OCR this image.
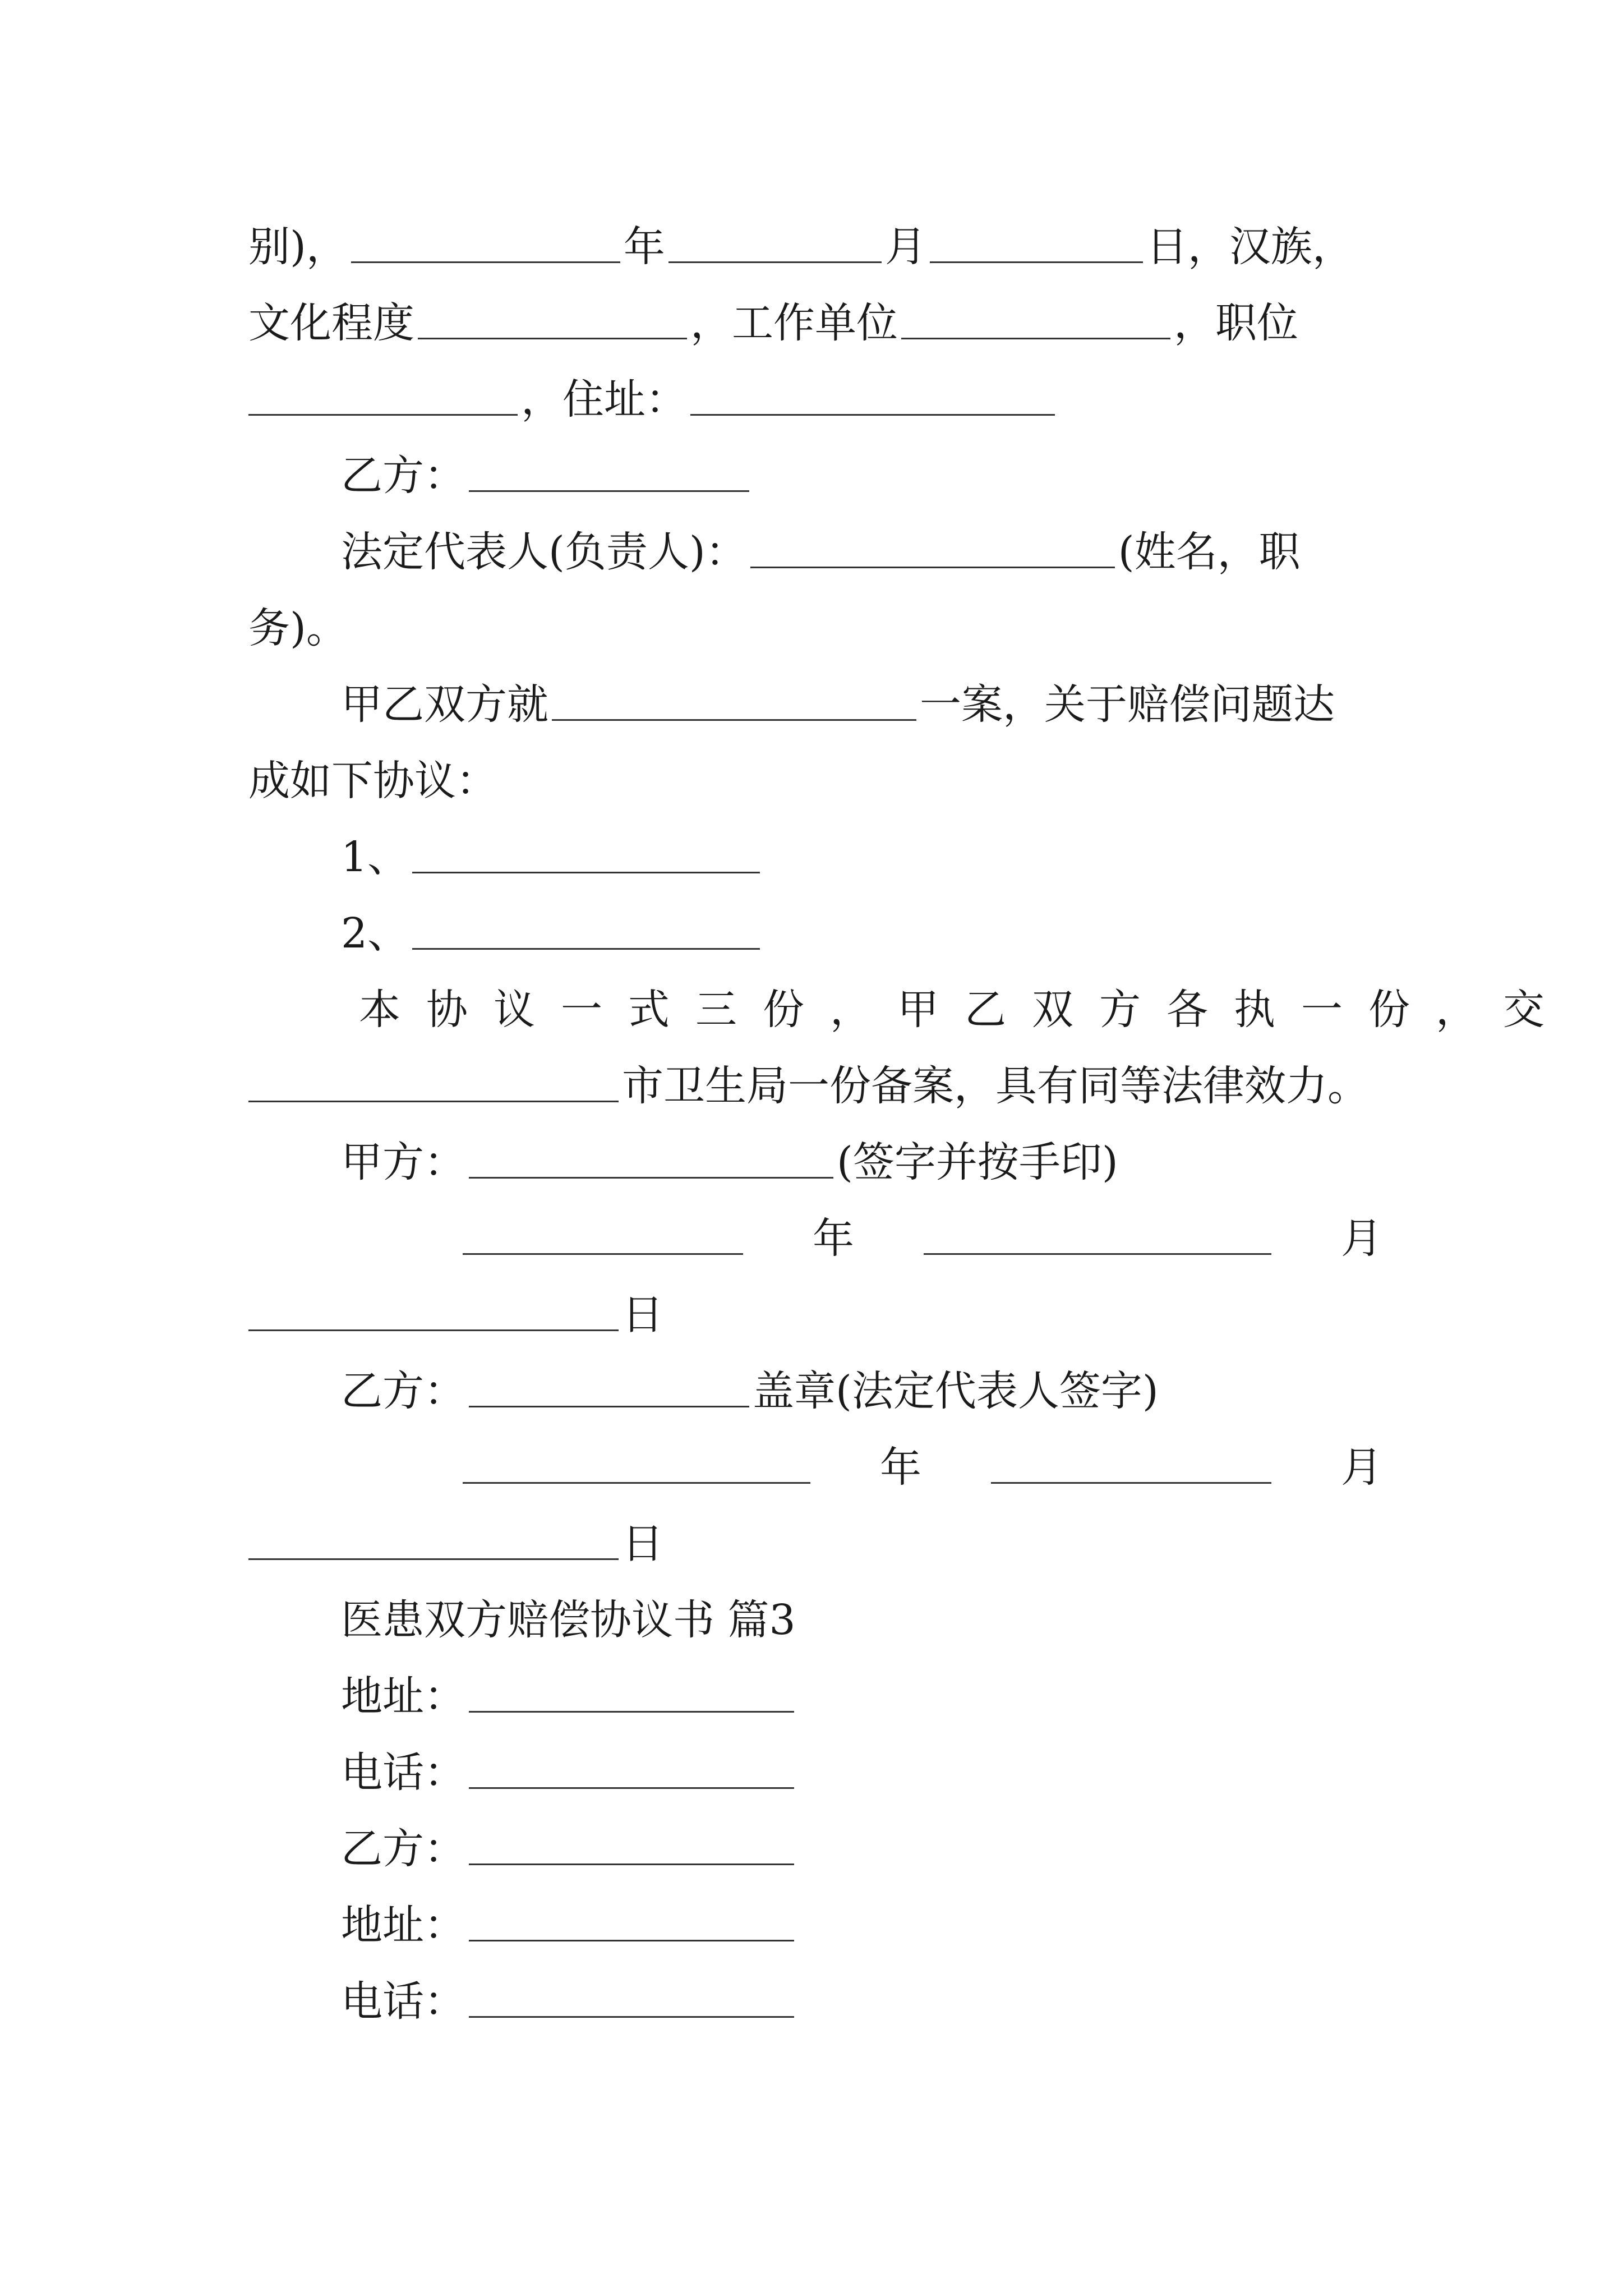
别)，	年	月	日，汉族，
文化程度	，工作单位	，职位
，住址：
乙方：
法定代表人(负责人)：	(姓名，职
务)。
甲乙双方就	一案，关于赔偿问题达
成如下协议：
1、
2、
本协议一式三份，甲乙双方各执一份，交
市卫生局一份备案，具有同等法律效力。
甲方：	(签字并按手印)
年	月
日
乙方：	盖章(法定代表人签字)
年	月
日
医患双方赔偿协议书 篇3
地址：
电话：
乙方：
地址：
电话：
